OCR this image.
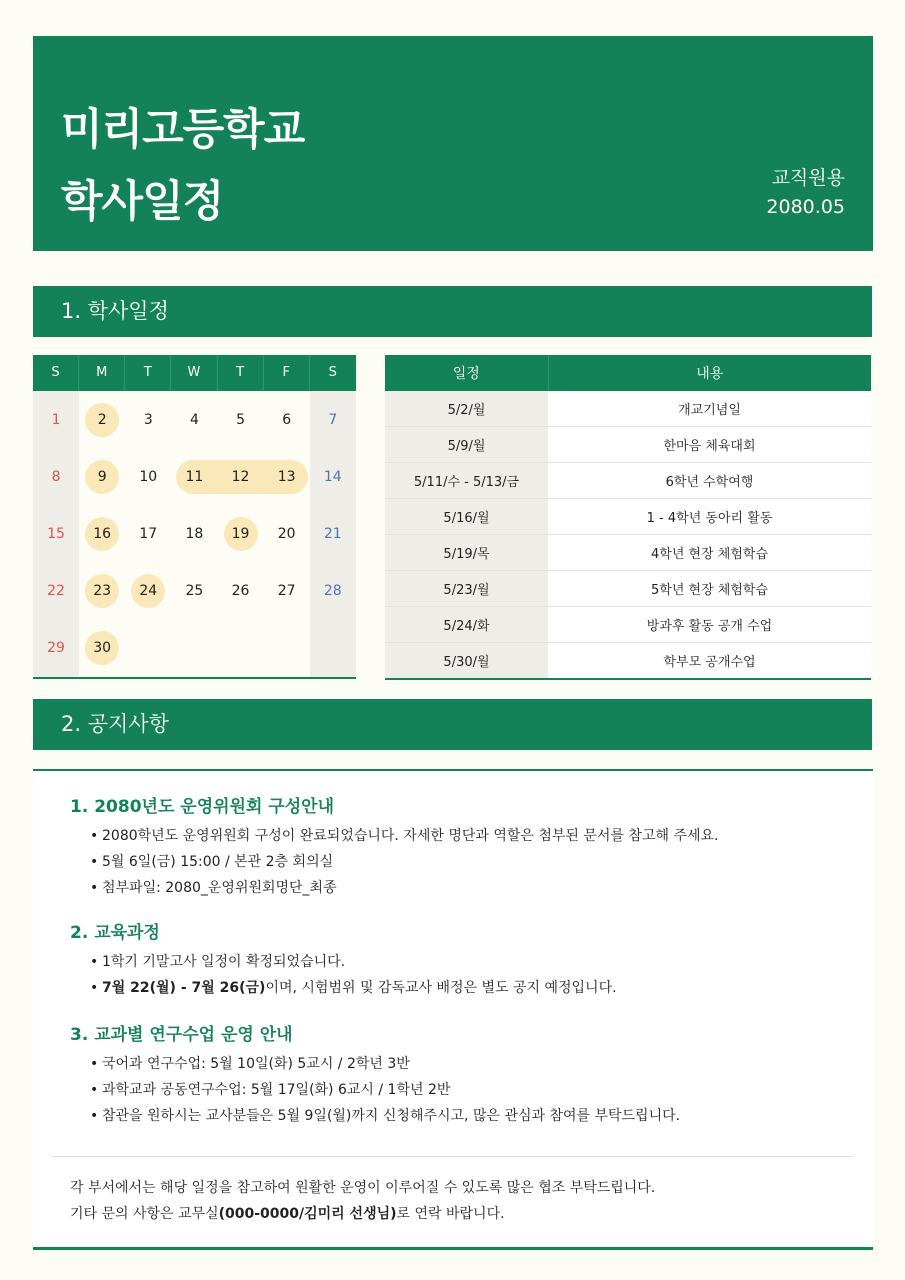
미리고등학교
학사일정	교직원용
2080.05
1. 학사일정
S	M	T	W	T	F	S
1	2	3	4	5	6	7
8	9	10	11	12	13	14
15	16	17	18	19	20	21
22	23	24	25	26	27	28
29	30
일정	내용
5/2/월	개교기념일
5/9/월	한마음 체육대회
5/11/수 - 5/13/금	6학년 수학여행
5/16/월	1 - 4학년 동아리 활동
5/19/목	4학년 현장 체험학습
5/23/월	5학년 현장 체험학습
5/24/화	방과후 활동 공개 수업
5/30/월	학부모 공개수업
2. 공지사항
1. 2080년도 운영위원회 구성안내
• 2080학년도 운영위원회 구성이 완료되었습니다. 자세한 명단과 역할은 첨부된 문서를 참고해 주세요.
• 5월 6일(금) 15:00 / 본관 2층 회의실
• 첨부파일: 2080_운영위원회명단_최종
2. 교육과정
• 1학기 기말고사 일정이 확정되었습니다.
• 7월 22(월) - 7월 26(금)이며, 시험범위 및 감독교사 배정은 별도 공지 예정입니다.
3. 교과별 연구수업 운영 안내
• 국어과 연구수업: 5월 10일(화) 5교시 / 2학년 3반
• 과학교과 공동연구수업: 5월 17일(화) 6교시 / 1학년 2반
• 참관을 원하시는 교사분들은 5월 9일(월)까지 신청해주시고, 많은 관심과 참여를 부탁드립니다.
각 부서에서는 해당 일정을 참고하여 원활한 운영이 이루어질 수 있도록 많은 협조 부탁드립니다.
기타 문의 사항은 교무실(000-0000/김미리 선생님)로 연락 바랍니다.
